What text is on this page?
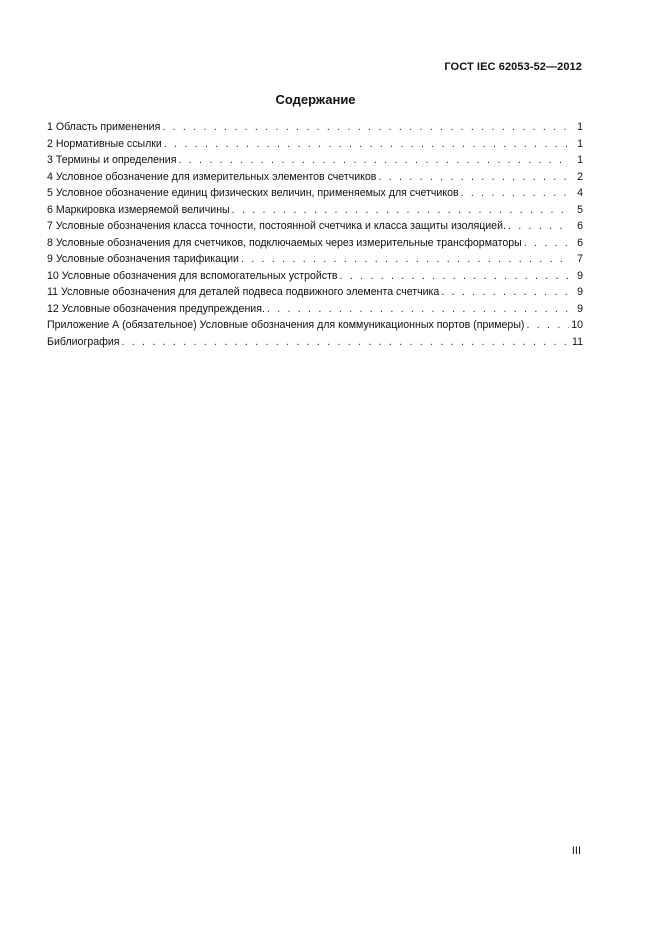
ГОСТ IEC 62053-52—2012
Содержание
1 Область применения . . .	1
2 Нормативные ссылки . . .	1
3 Термины и определения . . .	1
4 Условное обозначение для измерительных элементов счетчиков . . .	2
5 Условное обозначение единиц физических величин, применяемых для счетчиков . . .	4
6 Маркировка измеряемой величины . . .	5
7 Условные обозначения класса точности, постоянной счетчика и класса защиты изоляцией. . . .	6
8 Условные обозначения для счетчиков, подключаемых через измерительные трансформаторы . . .	6
9 Условные обозначения тарификации . . .	7
10 Условные обозначения для вспомогательных устройств . . .	9
11 Условные обозначения для деталей подвеса подвижного элемента счетчика . . .	9
12 Условные обозначения предупреждения. . . .	9
Приложение А (обязательное) Условные обозначения для коммуникационных портов (примеры) . . .	10
Библиография . . .	11
III
